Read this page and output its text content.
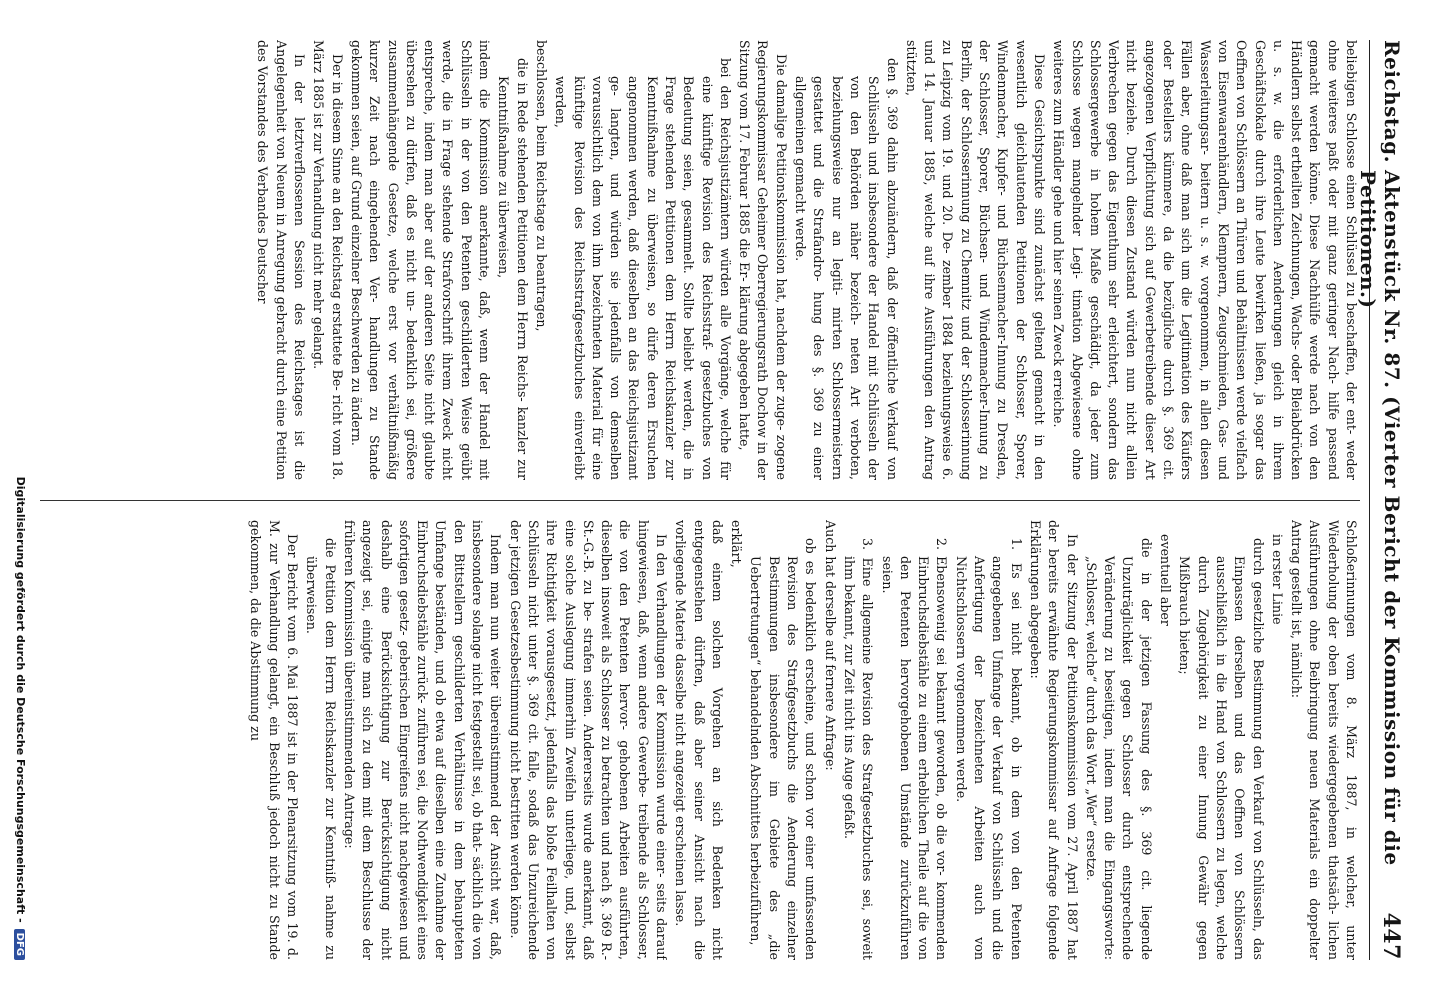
Reichstag.
Aktenstück Nr. 87. (Vierter Bericht der Kommission für die Petitionen.)
447

beliebigen Schlosse einen Schlüssel zu beschaffen, der ent- weder ohne weiteres paßt oder mit ganz geringer Nach- hilfe passend gemacht werden könne. Diese Nachhülfe werde nach von den Händlern selbst ertheilten Zeichnungen, Wachs- oder Bleiabdrücken u. s. w. die erforderlichen Aenderungen gleich in ihrem Geschäftslokale durch ihre Leute bewirken ließen, ja sogar das Oeffnen von Schlössern an Thüren und Behältnissen werde vielfach von Eisenwaarenhändlern, Klempnern, Zeugschmieden, Gas- und Wasserleitungsar- beitern u. s. w. vorgenommen, in allen diesen Fällen aber, ohne daß man sich um die Legitimation des Käufers oder Bestellers kümmere, da die bezügliche durch §. 369 cit. angezogenen Verpflichtung sich auf Gewerbetreibende dieser Art nicht beziehe. Durch diesen Zustand würden nun nicht allein Verbrechen gegen das Eigenthum sehr erleichtert, sondern das Schlossergewerbe in hohem Maße geschädigt, da jeder zum Schlosse wegen mangelnder Legi- timation Abgewiesene ohne weiteres zum Händler gehe und hier seinen Zweck erreiche.

Diese Gesichtspunkte sind zunächst geltend gemacht in den wesentlich gleichlautenden Petitionen der Schlosser, Sporer, Windenmacher, Kupfer- und Büchsenmacher-Innung zu Dresden, der Schlosser, Sporer, Büchsen- und Windenmacher-Innung zu Berlin, der Schlosserinnung zu Chemnitz und der Schlosserinnung zu Leipzig vom 19. und 20. De- zember 1884 beziehungsweise 6. und 14. Januar 1885, welche auf ihre Ausführungen den Antrag stützten,

den §. 369 dahin abzuändern, daß der öffentliche Verkauf von Schlüsseln und insbesondere der Handel mit Schlüsseln der von den Behörden näher bezeich- neten Art verboten, beziehungsweise nur an legiti- mirten Schlossermeistern gestattet und die Strafandro- hung des §. 369 zu einer allgemeinen gemacht werde.

Die damalige Petitionskommission hat, nachdem der zuge- zogene Regierungskommissar Geheimer Oberregierungsrath Dochow in der Sitzung vom 17. Februar 1885 die Er- klärung abgegeben hatte,

bei den Reichsjustizämtern würden alle Vorgänge, welche für eine künftige Revision des Reichsstraf- gesetzbuches von Bedeutung seien, gesammelt. Sollte beliebt werden, die in Frage stehenden Petitionen dem Herrn Reichskanzler zur Kenntnißnahme zu überweisen, so dürfe deren Ersuchen angenommen werden, daß dieselben an das Reichsjustizamt ge- langten, und würden sie jedenfalls von demselben voraussichtlich dem von ihm bezeichneten Material für eine künftige Revision des Reichsstrafgesetzbuches einverleibt werden,

beschlossen, beim Reichstage zu beantragen,

die in Rede stehenden Petitionen dem Herrn Reichs- kanzler zur Kenntnißnahme zu überweisen,

indem die Kommission anerkannte, daß, wenn der Handel mit Schlüsseln in der von den Petenten geschilderten Weise geübt werde, die in Frage stehende Strafvorschrift ihrem Zweck nicht entspreche, indem man aber auf der anderen Seite nicht glaubte übersehen zu dürfen, daß es nicht un- bedenklich sei, größere zusammenhängende Gesetze, welche erst vor verhältnißmäßig kurzer Zeit nach eingehenden Ver- handlungen zu Stande gekommen seien, auf Grund einzelner Beschwerden zu ändern.

Der in diesem Sinne an den Reichstag erstattete Be- richt vom 18. März 1885 ist zur Verhandlung nicht mehr gelangt.

In der letztverflossenen Session des Reichstages ist die Angelegenheit von Neuem in Anregung gebracht durch eine Petition des Vorstandes des Verbandes Deutscher

Schloßerinnungen vom 8. März 1887, in welcher, unter Wiederholung der oben bereits wiedergegebenen thatsäch- lichen Ausführungen ohne Beibringung neuen Materials ein doppelter Antrag gestellt ist, nämlich:

in erster Linie

durch gesetzliche Bestimmung den Verkauf von Schlüsseln, das Einpassen derselben und das Oeffnen von Schlössern ausschließlich in die Hand von Schlossern zu legen, welche durch Zugehörigkeit zu einer Innung Gewähr gegen Mißbrauch bieten;

eventuell aber

die in der jetzigen Fassung des §. 369 cit. liegende Unzuträglichkeit gegen Schlosser durch entsprechende Veränderung zu beseitigen, indem man die Eingangsworte: „Schlosser, welche“ durch das Wort „Wer“ ersetze.

In der Sitzung der Petitionskommission vom 27. April 1887 hat der bereits erwähnte Regierungskommissar auf Anfrage folgende Erklärungen abgegeben:

1. Es sei nicht bekannt, ob in dem von den Petenten angegebenen Umfange der Verkauf von Schlüsseln und die Anfertigung der bezeichneten Arbeiten auch von Nichtschlossern vorgenommen werde.

2. Ebensowenig sei bekannt geworden, ob die vor- kommenden Einbruchsdiebstähle zu einem erheblichen Theile auf die von den Petenten hervorgehobenen Umstände zurückzuführen seien.

3. Eine allgemeine Revision des Strafgesetzbuches sei, soweit ihm bekannt, zur Zeit nicht ins Auge gefaßt.

Auch hat derselbe auf fernere Anfrage:

ob es bedenklich erscheine, und schon vor einer umfassenden Revision des Strafgesetzbuchs die Aenderung einzelner Bestimmungen insbesondere im Gebiete des „die Uebertretungen“ behandelnden Abschnittes herbeizuführen,

erklärt,

daß einem solchen Vorgehen an sich Bedenken nicht entgegenstehen dürften, daß aber seiner Ansicht nach die vorliegende Materie dasselbe nicht angezeigt erscheinen lasse.

In den Verhandlungen der Kommission wurde einer- seits darauf hingewiesen, daß, wenn andere Gewerbe- treibende als Schlosser, die von den Petenten hervor- gehobenen Arbeiten ausführten, dieselben insoweit als Schlosser zu betrachten und nach §. 369 R.-St.-G.-B. zu be- strafen seien. Andererseits wurde anerkannt, daß eine solche Auslegung immerhin Zweifeln unterliege, und, selbst ihre Richtigkeit vorausgesetzt, jedenfalls das bloße Feilhalten von Schlüsseln nicht unter §. 369 cit. falle, sodaß das Unzureichende der jetzigen Gesetzesbestimmung nicht bestritten werden könne.

Indem man nun weiter übereinstimmend der Ansicht war, daß, insbesondere solange nicht festgestellt sei, ob that- sächlich die von den Bittstellern geschilderten Verhältnisse in dem behaupteten Umfange beständen, und ob etwa auf dieselben eine Zunahme der Einbruchsdiebstähle zurück- zuführen sei, die Nothwendigkeit eines sofortigen gesetz- geberischen Eingreifens nicht nachgewiesen und deshalb eine Berücksichtigung zur Berücksichtigung nicht angezeigt sei, einigte man sich zu dem mit dem Beschlusse der früheren Kommission übereinstimmenden Antrage:

die Petition dem Herrn Reichskanzler zur Kenntniß- nahme zu überweisen.

Der Bericht vom 6. Mai 1887 ist in der Plenarsitzung vom 19. d. M. zur Verhandlung gelangt, ein Beschluß jedoch nicht zu Stande gekommen, da die Abstimmung zu

Digitalisierung gefördert durch die Deutsche Forschungsgemeinschaft -DFG
